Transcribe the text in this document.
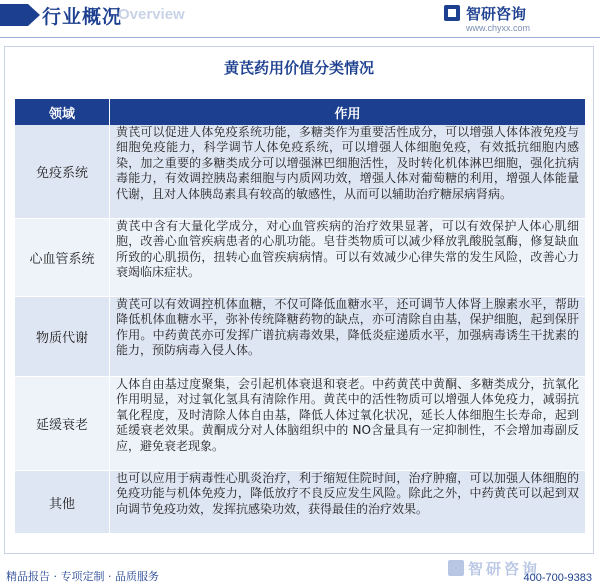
行业概况
Overview	智研咨询
www.chyxx.com
黄芪药用价值分类情况
领域	作用
免疫系统
黄芪可以促进人体免疫系统功能，多糖类作为重要活性成分，可以增强人体体液免疫与细胞免疫能力，科学调节人体免疫系统，可以增强人体细胞免疫，有效抵抗细胞内感染，加之重要的多糖类成分可以增强淋巴细胞活性，及时转化机体淋巴细胞，强化抗病毒能力，有效调控胰岛素细胞与内质网功效，增强人体对葡萄糖的利用，增强人体能量代谢，且对人体胰岛素具有较高的敏感性，从而可以辅助治疗糖尿病肾病。
心血管系统
黄芪中含有大量化学成分，对心血管疾病的治疗效果显著，可以有效保护人体心肌细胞，改善心血管疾病患者的心肌功能。皂苷类物质可以减少释放乳酸脱氢酶，修复缺血所致的心肌损伤，扭转心血管疾病病情。可以有效减少心律失常的发生风险，改善心力衰竭临床症状。
物质代谢
黄芪可以有效调控机体血糖，不仅可降低血糖水平，还可调节人体肾上腺素水平，帮助降低机体血糖水平，弥补传统降糖药物的缺点，亦可清除自由基，保护细胞，起到保肝作用。中药黄芪亦可发挥广谱抗病毒效果，降低炎症递质水平，加强病毒诱生干扰素的能力，预防病毒入侵人体。
延缓衰老
人体自由基过度聚集，会引起机体衰退和衰老。中药黄芪中黄酮、多糖类成分，抗氧化作用明显，对过氧化氢具有清除作用。黄芪中的活性物质可以增强人体免疫力，减弱抗氧化程度，及时清除人体自由基，降低人体过氧化状况，延长人体细胞生长寿命，起到延缓衰老效果。黄酮成分对人体脑组织中的 NO含量具有一定抑制性，不会增加毒副反应，避免衰老现象。
其他
也可以应用于病毒性心肌炎治疗，利于缩短住院时间，治疗肿瘤，可以加强人体细胞的免疫功能与机体免疫力，降低放疗不良反应发生风险。除此之外，中药黄芪可以起到双向调节免疫功效，发挥抗感染功效，获得最佳的治疗效果。
精品报告 · 专项定制 · 品质服务	智研咨询
400-700-9383
